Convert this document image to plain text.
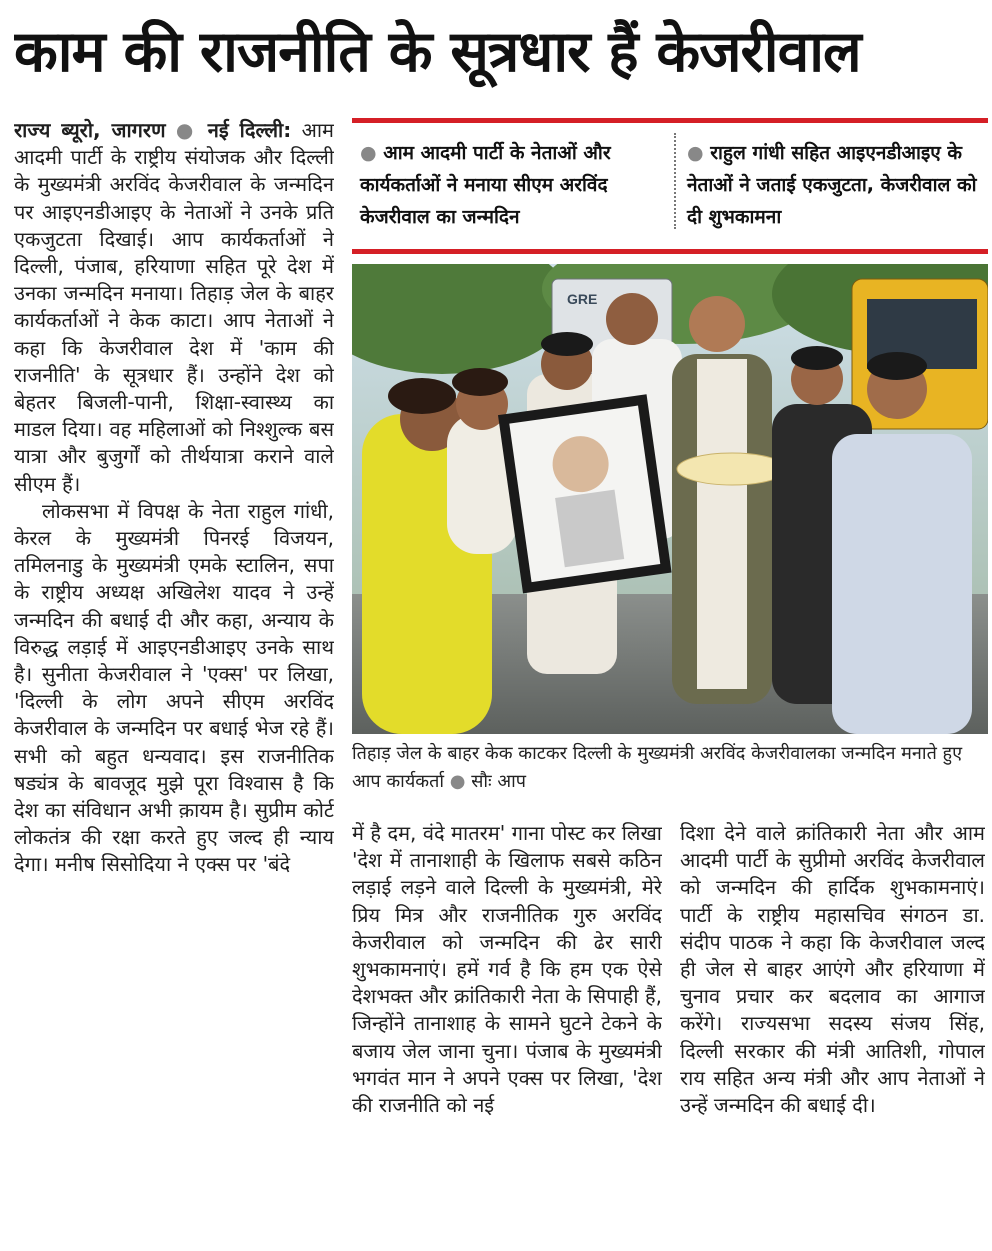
काम की राजनीति के सूत्रधार हैं केजरीवाल

राज्य ब्यूरो, जागरण ● नई दिल्ली: आम आदमी पार्टी के राष्ट्रीय संयोजक और दिल्ली के मुख्यमंत्री अरविंद केजरीवाल के जन्मदिन पर आइएनडीआइए के नेताओं ने उनके प्रति एकजुटता दिखाई। आप कार्यकर्ताओं ने दिल्ली, पंजाब, हरियाणा सहित पूरे देश में उनका जन्मदिन मनाया। तिहाड़ जेल के बाहर कार्यकर्ताओं ने केक काटा। आप नेताओं ने कहा कि केजरीवाल देश में 'काम की राजनीति' के सूत्रधार हैं। उन्होंने देश को बेहतर बिजली-पानी, शिक्षा-स्वास्थ्य का माडल दिया। वह महिलाओं को निश्शुल्क बस यात्रा और बुजुर्गों को तीर्थयात्रा कराने वाले सीएम हैं।

लोकसभा में विपक्ष के नेता राहुल गांधी, केरल के मुख्यमंत्री पिनरई विजयन, तमिलनाडु के मुख्यमंत्री एमके स्टालिन, सपा के राष्ट्रीय अध्यक्ष अखिलेश यादव ने उन्हें जन्मदिन की बधाई दी और कहा, अन्याय के विरुद्ध लड़ाई में आइएनडीआइए उनके साथ है। सुनीता केजरीवाल ने 'एक्स' पर लिखा, 'दिल्ली के लोग अपने सीएम अरविंद केजरीवाल के जन्मदिन पर बधाई भेज रहे हैं। सभी को बहुत धन्यवाद। इस राजनीतिक षड्यंत्र के बावजूद मुझे पूरा विश्वास है कि देश का संविधान अभी क़ायम है। सुप्रीम कोर्ट लोकतंत्र की रक्षा करते हुए जल्द ही न्याय देगा। मनीष सिसोदिया ने एक्स पर 'बंदे

● आम आदमी पार्टी के नेताओं और कार्यकर्ताओं ने मनाया सीएम अरविंद केजरीवाल का जन्मदिन
● राहुल गांधी सहित आइएनडीआइए के नेताओं ने जताई एकजुटता, केजरीवाल को दी शुभकामना
GRE
तिहाड़ जेल के बाहर केक काटकर दिल्ली के मुख्यमंत्री अरविंद केजरीवालका जन्मदिन मनाते हुए आप कार्यकर्ता ● सौः आप

में है दम, वंदे मातरम' गाना पोस्ट कर लिखा 'देश में तानाशाही के खिलाफ सबसे कठिन लड़ाई लड़ने वाले दिल्ली के मुख्यमंत्री, मेरे प्रिय मित्र और राजनीतिक गुरु अरविंद केजरीवाल को जन्मदिन की ढेर सारी शुभकामनाएं। हमें गर्व है कि हम एक ऐसे देशभक्त और क्रांतिकारी नेता के सिपाही हैं, जिन्होंने तानाशाह के सामने घुटने टेकने के बजाय जेल जाना चुना। पंजाब के मुख्यमंत्री भगवंत मान ने अपने एक्स पर लिखा, 'देश की राजनीति को नई

दिशा देने वाले क्रांतिकारी नेता और आम आदमी पार्टी के सुप्रीमो अरविंद केजरीवाल को जन्मदिन की हार्दिक शुभकामनाएं। पार्टी के राष्ट्रीय महासचिव संगठन डा. संदीप पाठक ने कहा कि केजरीवाल जल्द ही जेल से बाहर आएंगे और हरियाणा में चुनाव प्रचार कर बदलाव का आगाज करेंगे। राज्यसभा सदस्य संजय सिंह, दिल्ली सरकार की मंत्री आतिशी, गोपाल राय सहित अन्य मंत्री और आप नेताओं ने उन्हें जन्मदिन की बधाई दी।
